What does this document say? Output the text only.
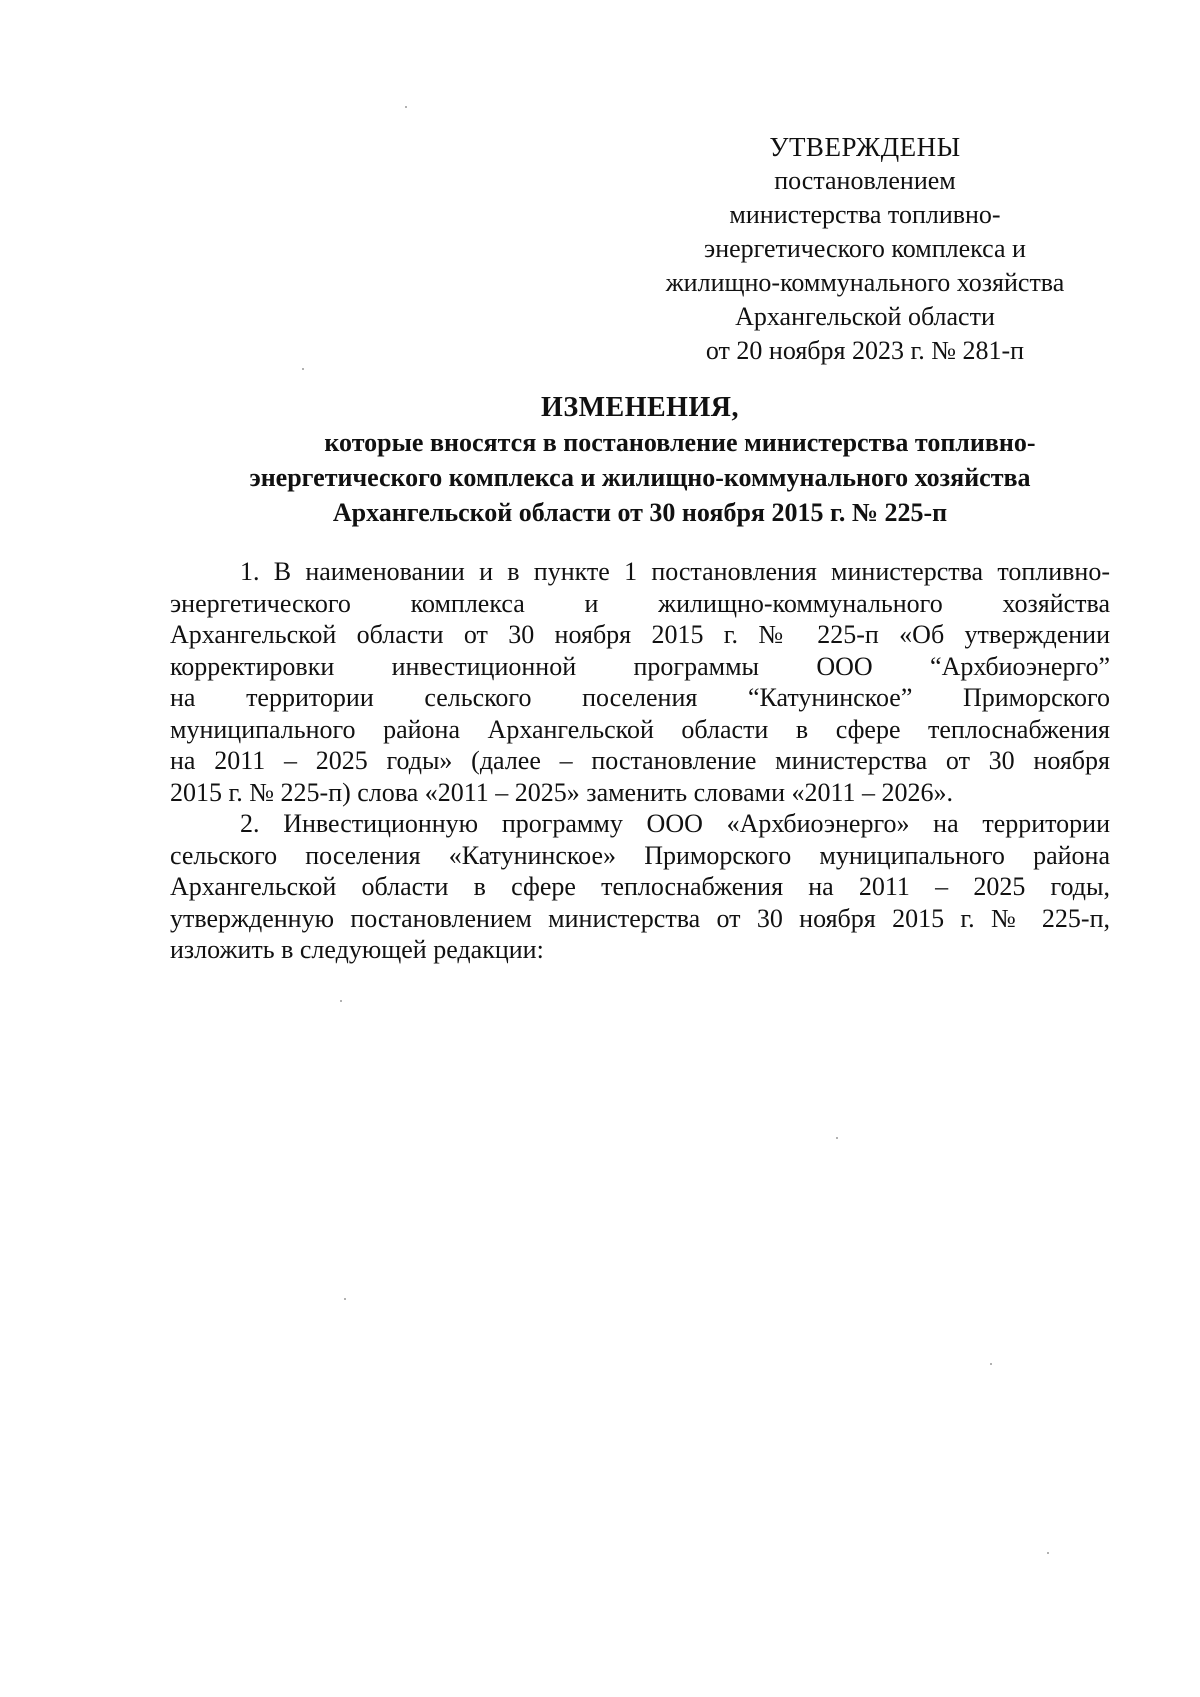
УТВЕРЖДЕНЫ
постановлением
министерства топливно-
энергетического комплекса и
жилищно-коммунального хозяйства
Архангельской области
от 20 ноября 2023 г. № 281-п
ИЗМЕНЕНИЯ,
которые вносятся в постановление министерства топливно-
энергетического комплекса и жилищно-коммунального хозяйства
Архангельской области от 30 ноября 2015 г. № 225-п
1. В наименовании и в пункте 1 постановления министерства топливно-
энергетического комплекса и жилищно-коммунального хозяйства
Архангельской области от 30 ноября 2015 г. № 225-п «Об утверждении
корректировки инвестиционной программы ООО “Архбиоэнерго”
на территории сельского поселения “Катунинское” Приморского
муниципального района Архангельской области в сфере теплоснабжения
на 2011 – 2025 годы» (далее – постановление министерства от 30 ноября
2015 г. № 225-п) слова «2011 – 2025» заменить словами «2011 – 2026».
2. Инвестиционную программу ООО «Архбиоэнерго» на территории
сельского поселения «Катунинское» Приморского муниципального района
Архангельской области в сфере теплоснабжения на 2011 – 2025 годы,
утвержденную постановлением министерства от 30 ноября 2015 г. № 225-п,
изложить в следующей редакции:
